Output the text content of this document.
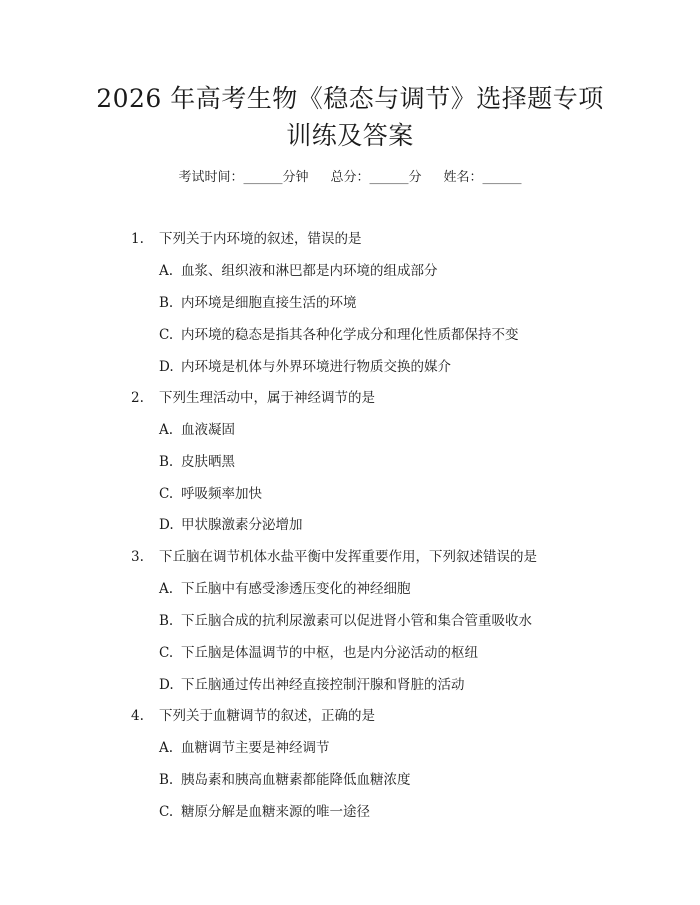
2026 年高考生物《稳态与调节》选择题专项
训练及答案
考试时间：______分钟 总分：______分 姓名：______
1. 下列关于内环境的叙述，错误的是
A. 血浆、组织液和淋巴都是内环境的组成部分
B. 内环境是细胞直接生活的环境
C. 内环境的稳态是指其各种化学成分和理化性质都保持不变
D. 内环境是机体与外界环境进行物质交换的媒介
2. 下列生理活动中，属于神经调节的是
A. 血液凝固
B. 皮肤晒黑
C. 呼吸频率加快
D. 甲状腺激素分泌增加
3. 下丘脑在调节机体水盐平衡中发挥重要作用，下列叙述错误的是
A. 下丘脑中有感受渗透压变化的神经细胞
B. 下丘脑合成的抗利尿激素可以促进肾小管和集合管重吸收水
C. 下丘脑是体温调节的中枢，也是内分泌活动的枢纽
D. 下丘脑通过传出神经直接控制汗腺和肾脏的活动
4. 下列关于血糖调节的叙述，正确的是
A. 血糖调节主要是神经调节
B. 胰岛素和胰高血糖素都能降低血糖浓度
C. 糖原分解是血糖来源的唯一途径
